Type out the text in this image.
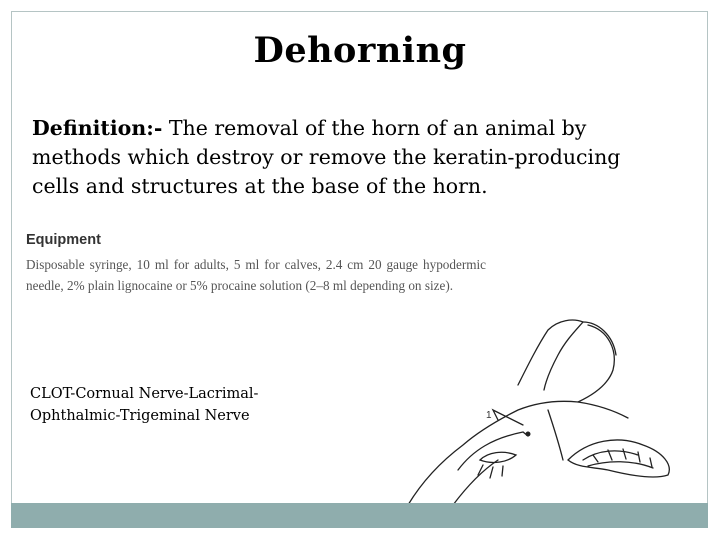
Dehorning
Definition:- The removal of the horn of an animal by methods which destroy or remove the keratin-producing cells and structures at the base of the horn.
Equipment
Disposable syringe, 10 ml for adults, 5 ml for calves, 2.4 cm 20 gauge hypodermic needle, 2% plain lignocaine or 5% procaine solution (2–8 ml depending on size).
CLOT-Cornual Nerve-Lacrimal-
Ophthalmic-Trigeminal Nerve	1
